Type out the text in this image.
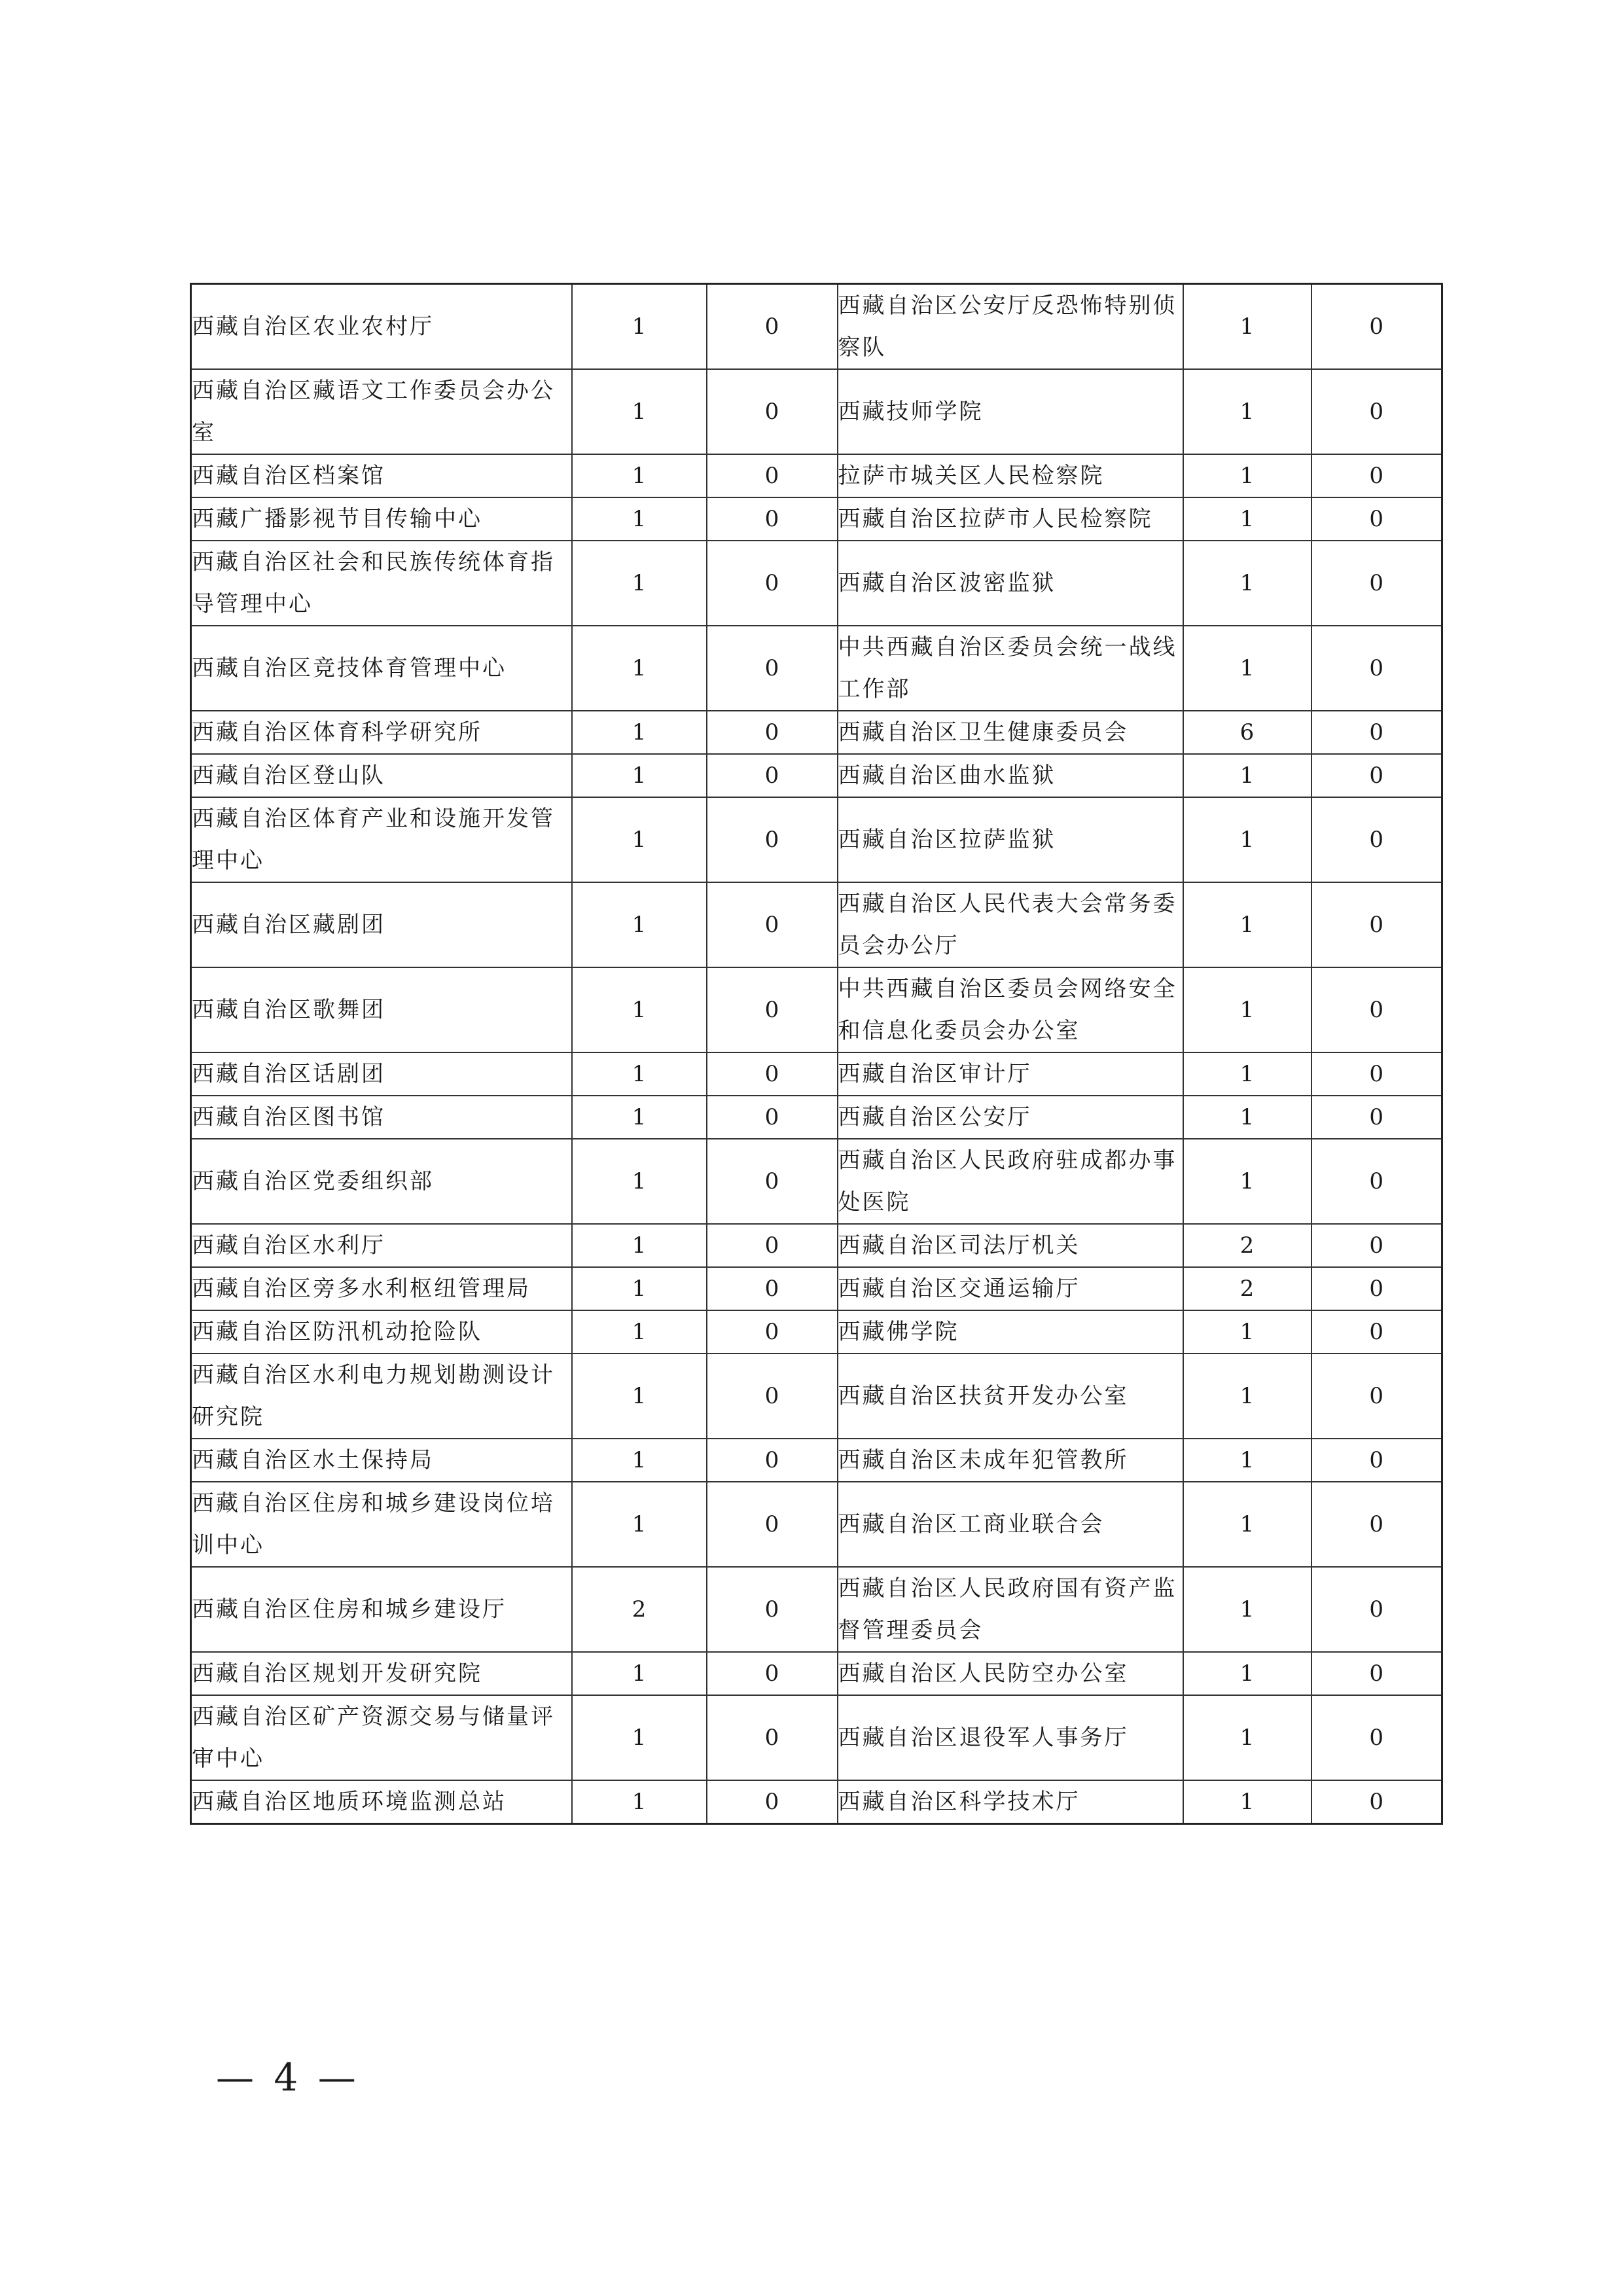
西藏自治区农业农村厅	1	0	西藏自治区公安厅反恐怖特别侦察队	1	0
西藏自治区藏语文工作委员会办公室	1	0	西藏技师学院	1	0
西藏自治区档案馆	1	0	拉萨市城关区人民检察院	1	0
西藏广播影视节目传输中心	1	0	西藏自治区拉萨市人民检察院	1	0
西藏自治区社会和民族传统体育指导管理中心	1	0	西藏自治区波密监狱	1	0
西藏自治区竞技体育管理中心	1	0	中共西藏自治区委员会统一战线工作部	1	0
西藏自治区体育科学研究所	1	0	西藏自治区卫生健康委员会	6	0
西藏自治区登山队	1	0	西藏自治区曲水监狱	1	0
西藏自治区体育产业和设施开发管理中心	1	0	西藏自治区拉萨监狱	1	0
西藏自治区藏剧团	1	0	西藏自治区人民代表大会常务委员会办公厅	1	0
西藏自治区歌舞团	1	0	中共西藏自治区委员会网络安全和信息化委员会办公室	1	0
西藏自治区话剧团	1	0	西藏自治区审计厅	1	0
西藏自治区图书馆	1	0	西藏自治区公安厅	1	0
西藏自治区党委组织部	1	0	西藏自治区人民政府驻成都办事处医院	1	0
西藏自治区水利厅	1	0	西藏自治区司法厅机关	2	0
西藏自治区旁多水利枢纽管理局	1	0	西藏自治区交通运输厅	2	0
西藏自治区防汛机动抢险队	1	0	西藏佛学院	1	0
西藏自治区水利电力规划勘测设计研究院	1	0	西藏自治区扶贫开发办公室	1	0
西藏自治区水土保持局	1	0	西藏自治区未成年犯管教所	1	0
西藏自治区住房和城乡建设岗位培训中心	1	0	西藏自治区工商业联合会	1	0
西藏自治区住房和城乡建设厅	2	0	西藏自治区人民政府国有资产监督管理委员会	1	0
西藏自治区规划开发研究院	1	0	西藏自治区人民防空办公室	1	0
西藏自治区矿产资源交易与储量评审中心	1	0	西藏自治区退役军人事务厅	1	0
西藏自治区地质环境监测总站	1	0	西藏自治区科学技术厅	1	0
— 4 —
